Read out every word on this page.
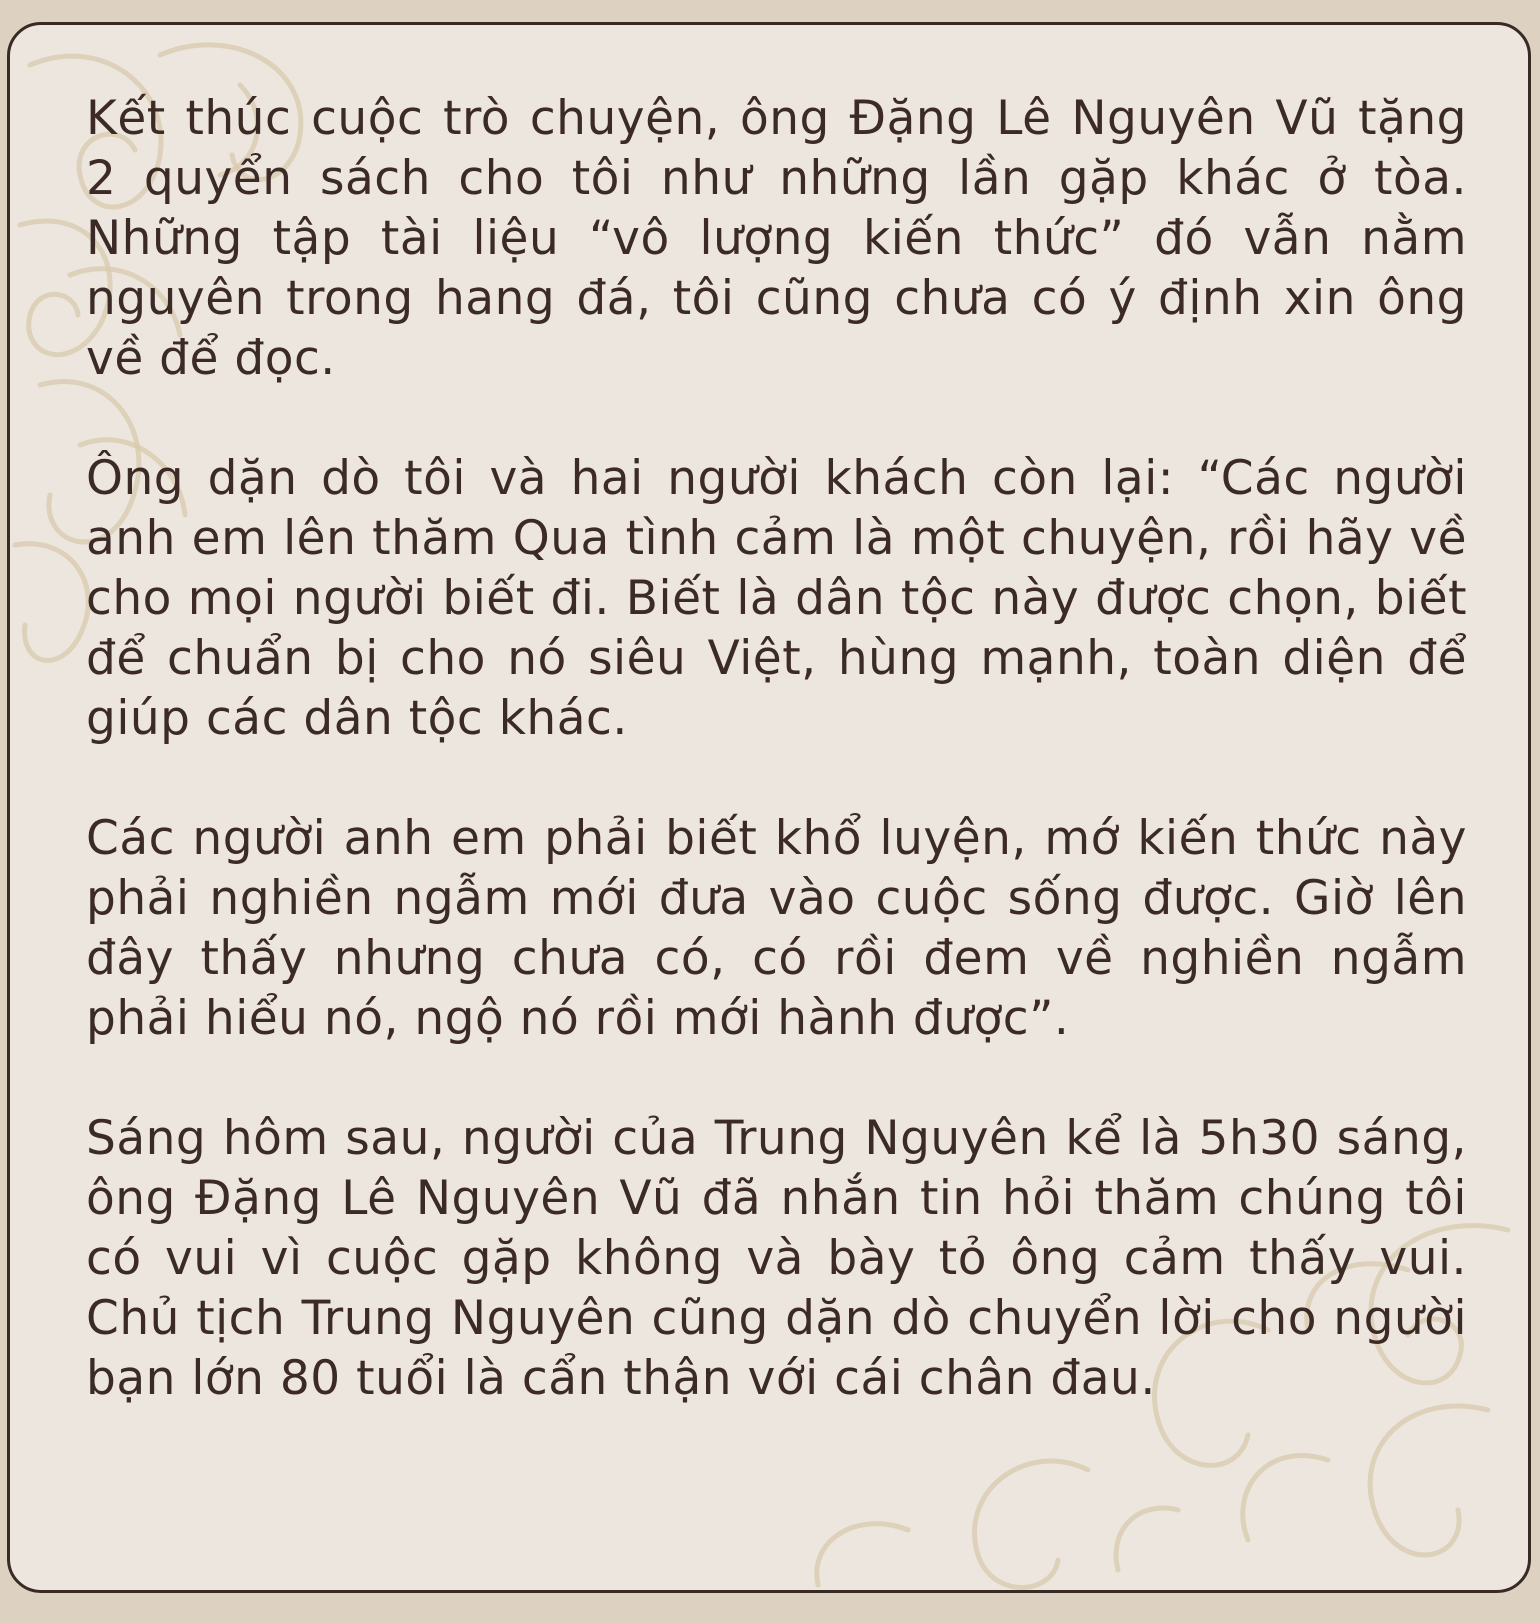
Kết thúc cuộc trò chuyện, ông Đặng Lê Nguyên Vũ tặng 2 quyển sách cho tôi như những lần gặp khác ở tòa. Những tập tài liệu “vô lượng kiến thức” đó vẫn nằm nguyên trong hang đá, tôi cũng chưa có ý định xin ông về để đọc.

Ông dặn dò tôi và hai người khách còn lại: “Các người anh em lên thăm Qua tình cảm là một chuyện, rồi hãy về cho mọi người biết đi. Biết là dân tộc này được chọn, biết để chuẩn bị cho nó siêu Việt, hùng mạnh, toàn diện để giúp các dân tộc khác.

Các người anh em phải biết khổ luyện, mớ kiến thức này phải nghiền ngẫm mới đưa vào cuộc sống được. Giờ lên đây thấy nhưng chưa có, có rồi đem về nghiền ngẫm phải hiểu nó, ngộ nó rồi mới hành được”.

Sáng hôm sau, người của Trung Nguyên kể là 5h30 sáng, ông Đặng Lê Nguyên Vũ đã nhắn tin hỏi thăm chúng tôi có vui vì cuộc gặp không và bày tỏ ông cảm thấy vui. Chủ tịch Trung Nguyên cũng dặn dò chuyển lời cho người bạn lớn 80 tuổi là cẩn thận với cái chân đau.
